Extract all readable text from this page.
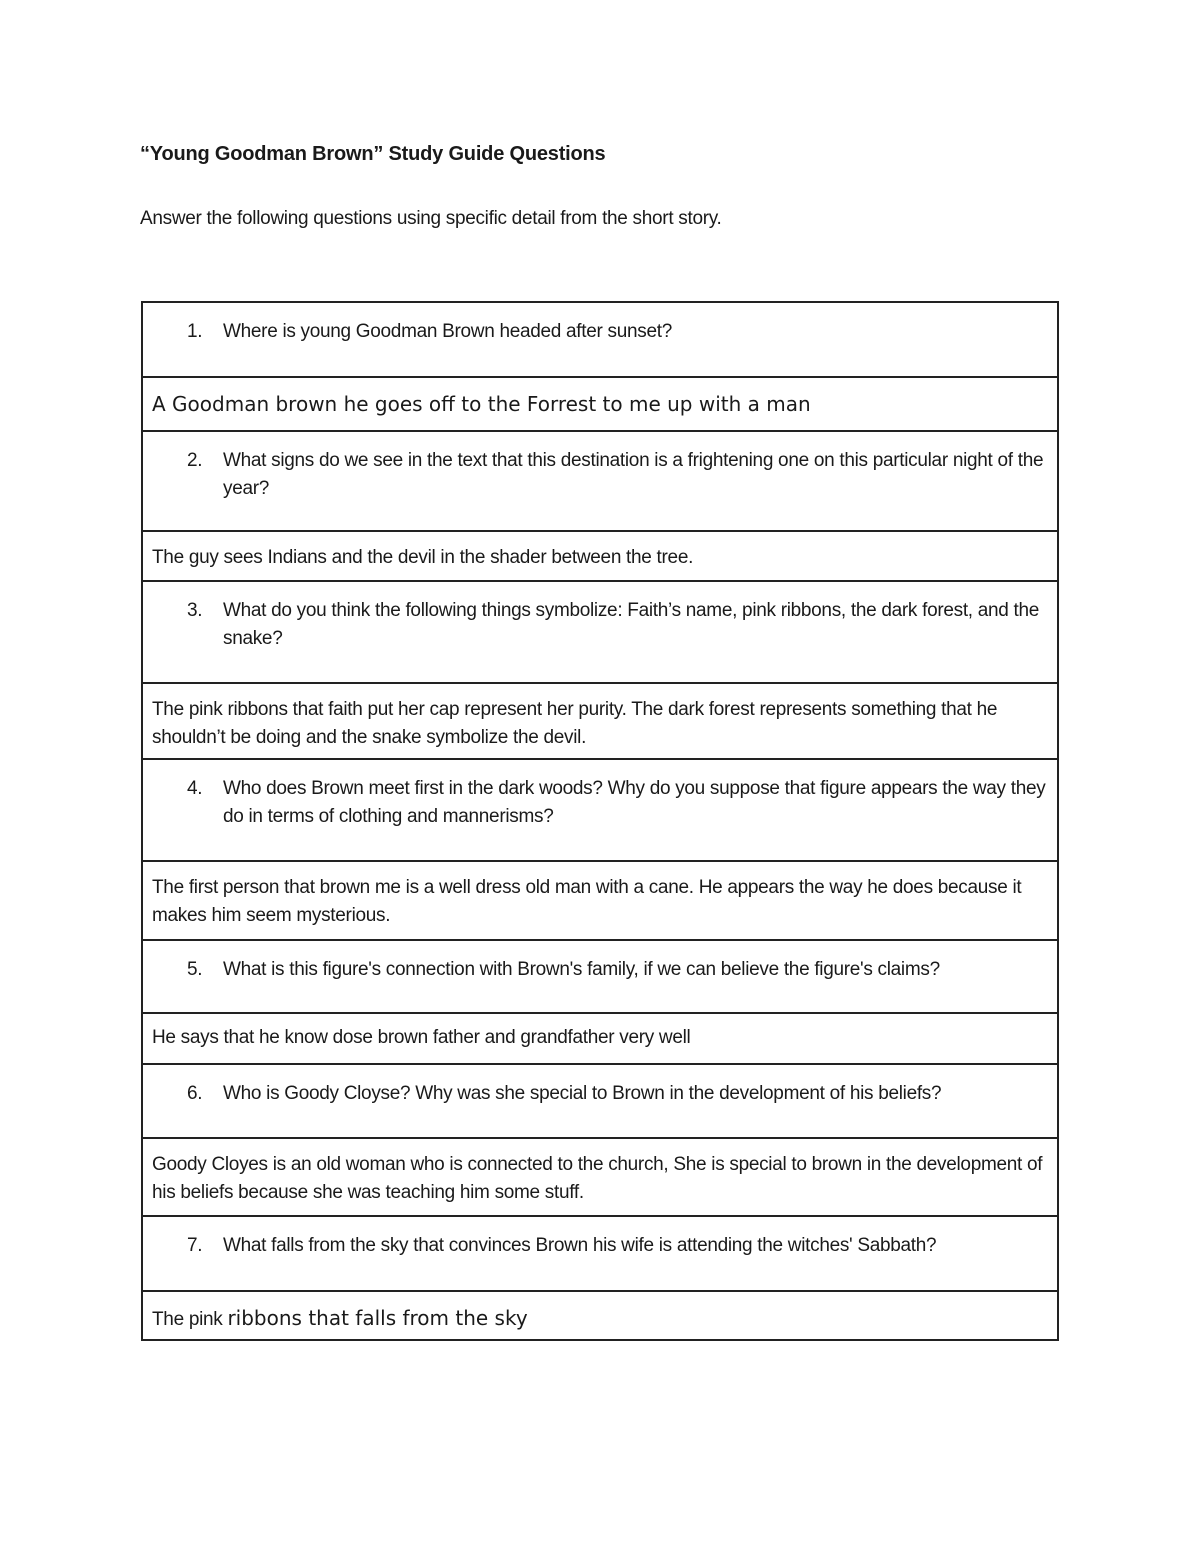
“Young Goodman Brown” Study Guide Questions
Answer the following questions using specific detail from the short story.
1.	Where is young Goodman Brown headed after sunset?

A Goodman brown he goes off to the Forrest to me up with a man

2.	What signs do we see in the text that this destination is a frightening one on this particular night of the year?

The guy sees Indians and the devil in the shader between the tree.

3.	What do you think the following things symbolize: Faith’s name, pink ribbons, the dark forest, and the snake?

The pink ribbons that faith put her cap represent her purity. The dark forest represents something that he shouldn’t be doing and the snake symbolize the devil.

4.	Who does Brown meet first in the dark woods? Why do you suppose that figure appears the way they do in terms of clothing and mannerisms?

The first person that brown me is a well dress old man with a cane. He appears the way he does because it makes him seem mysterious.

5.	What is this figure's connection with Brown's family, if we can believe the figure's claims?

He says that he know dose brown father and grandfather very well

6.	Who is Goody Cloyse? Why was she special to Brown in the development of his beliefs?

Goody Cloyes is an old woman who is connected to the church, She is special to brown in the development of his beliefs because she was teaching him some stuff.

7.	What falls from the sky that convinces Brown his wife is attending the witches' Sabbath?

The pink ribbons that falls from the sky
